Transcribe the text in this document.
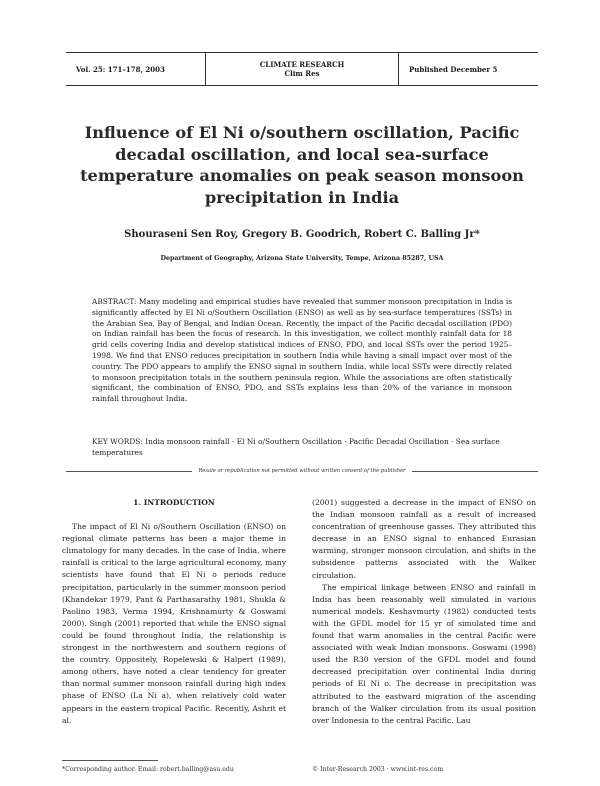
Vol. 25: 171–178, 2003	CLIMATE RESEARCH
Clim Res	Published December 5
Influence of El Ni o/southern oscillation, Pacific decadal oscillation, and local sea-surface temperature anomalies on peak season monsoon precipitation in India
Shouraseni Sen Roy, Gregory B. Goodrich, Robert C. Balling Jr*
Department of Geography, Arizona State University, Tempe, Arizona 85287, USA

ABSTRACT: Many modeling and empirical studies have revealed that summer monsoon precipitation in India is significantly affected by El Ni o/Southern Oscillation (ENSO) as well as by sea-surface temperatures (SSTs) in the Arabian Sea, Bay of Bengal, and Indian Ocean. Recently, the impact of the Pacific decadal oscillation (PDO) on Indian rainfall has been the focus of research. In this investigation, we collect monthly rainfall data for 18 grid cells covering India and develop statistical indices of ENSO, PDO, and local SSTs over the period 1925–1998. We find that ENSO reduces precipitation in southern India while having a small impact over most of the country. The PDO appears to amplify the ENSO signal in southern India, while local SSTs were directly related to monsoon precipitation totals in the southern peninsula region. While the associations are often statistically significant, the combination of ENSO, PDO, and SSTs explains less than 20% of the variance in monsoon rainfall throughout India.

KEY WORDS: India monsoon rainfall · El Ni o/Southern Oscillation · Pacific Decadal Oscillation · Sea surface temperatures

Resale or republication not permitted without written consent of the publisher
1. INTRODUCTION

The impact of El Ni o/Southern Oscillation (ENSO) on regional climate patterns has been a major theme in climatology for many decades. In the case of India, where rainfall is critical to the large agricultural economy, many scientists have found that El Ni o periods reduce precipitation, particularly in the summer monsoon period (Khandekar 1979, Pant & Parthasarathy 1981, Shukla & Paolino 1983, Verma 1994, Krishnamurty & Goswami 2000). Singh (2001) reported that while the ENSO signal could be found throughout India, the relationship is strongest in the northwestern and southern regions of the country. Oppositely, Ropelewski & Halpert (1989), among others, have noted a clear tendency for greater than normal summer monsoon rainfall during high index phase of ENSO (La Ni a), when relatively cold water appears in the eastern tropical Pacific. Recently, Ashrit et al.

(2001) suggested a decrease in the impact of ENSO on the Indian monsoon rainfall as a result of increased concentration of greenhouse gasses. They attributed this decrease in an ENSO signal to enhanced Eurasian warming, stronger monsoon circulation, and shifts in the subsidence patterns associated with the Walker circulation.

The empirical linkage between ENSO and rainfall in India has been reasonably well simulated in various numerical models. Keshavmurty (1982) conducted tests with the GFDL model for 15 yr of simulated time and found that warm anomalies in the central Pacific were associated with weak Indian monsoons. Goswami (1998) used the R30 version of the GFDL model and found decreased precipitation over continental India during periods of El Ni o. The decrease in precipitation was attributed to the eastward migration of the ascending branch of the Walker circulation from its usual position over Indonesia to the central Pacific. Lau

*Corresponding author. Email: robert.balling@asu.edu	© Inter-Research 2003 · www.int-res.com
